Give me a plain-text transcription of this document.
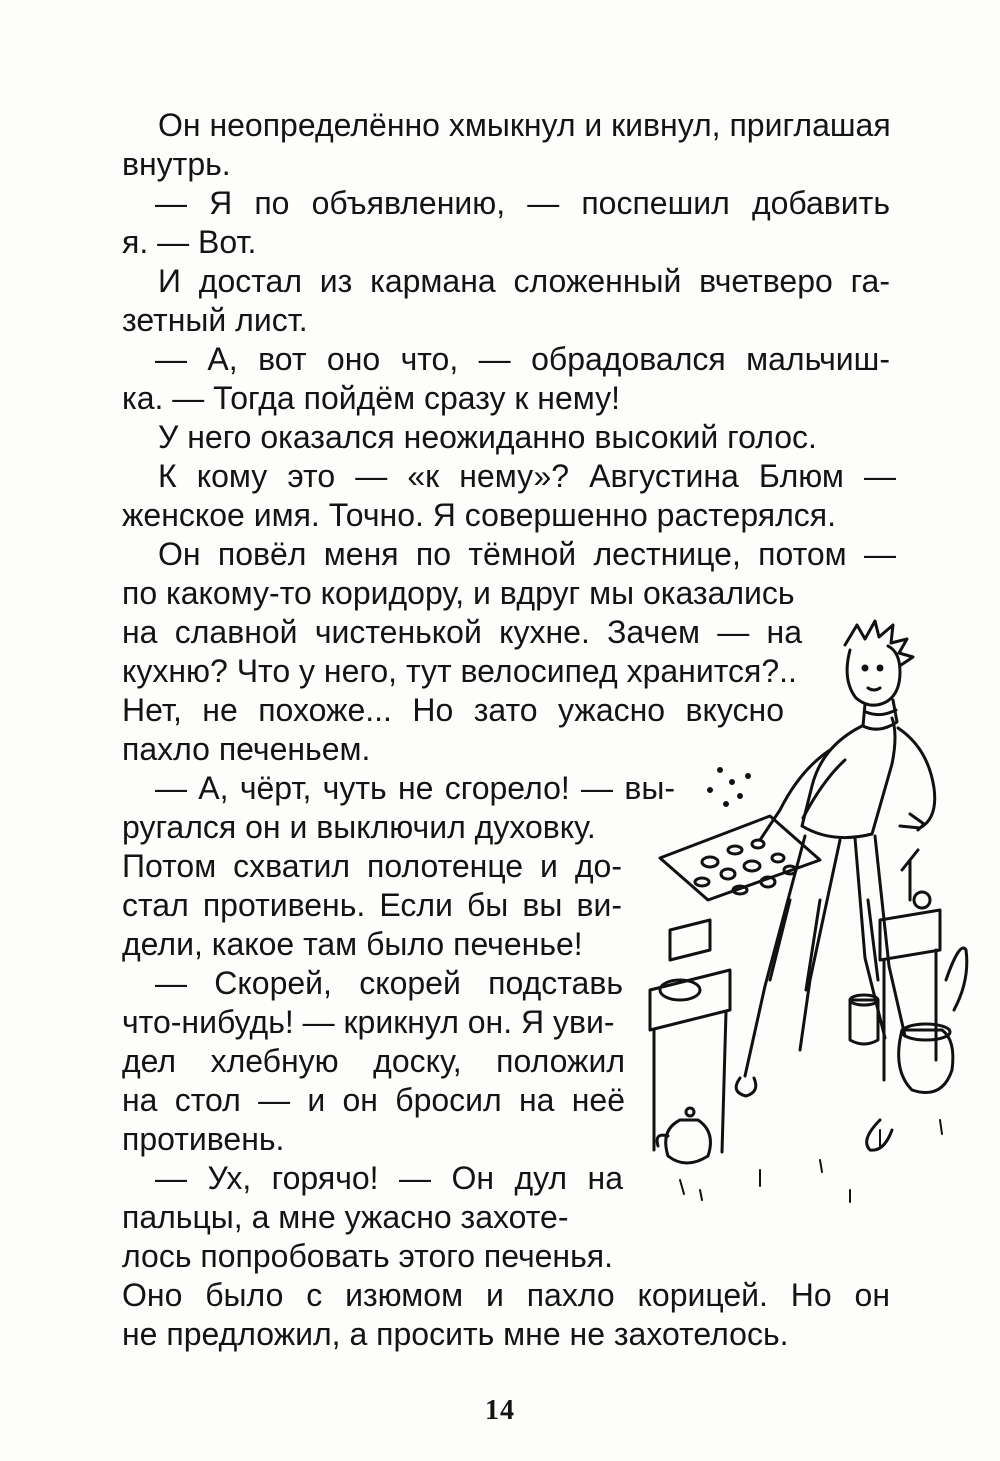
Он неопределённо хмыкнул и кивнул, приглашая

внутрь.

— Я по объявлению, — поспешил добавить

я. — Вот.

И достал из кармана сложенный вчетверо га-

зетный лист.

— А, вот оно что, — обрадовался мальчиш-

ка. — Тогда пойдём сразу к нему!

У него оказался неожиданно высокий голос.

К кому это — «к нему»? Августина Блюм —

женское имя. Точно. Я совершенно растерялся.

Он повёл меня по тёмной лестнице, потом —

по какому-то коридору, и вдруг мы оказались

на славной чистенькой кухне. Зачем — на

кухню? Что у него, тут велосипед хранится?..

Нет, не похоже... Но зато ужасно вкусно

пахло печеньем.

— А, чёрт, чуть не сгорело! — вы-

ругался он и выключил духовку.

Потом схватил полотенце и до-

стал противень. Если бы вы ви-

дели, какое там было печенье!

— Скорей, скорей подставь

что-нибудь! — крикнул он. Я уви-

дел хлебную доску, положил

на стол — и он бросил на неё

противень.

— Ух, горячо! — Он дул на

пальцы, а мне ужасно захоте-

лось попробовать этого печенья.

Оно было с изюмом и пахло корицей. Но он

не предложил, а просить мне не захотелось.

14
